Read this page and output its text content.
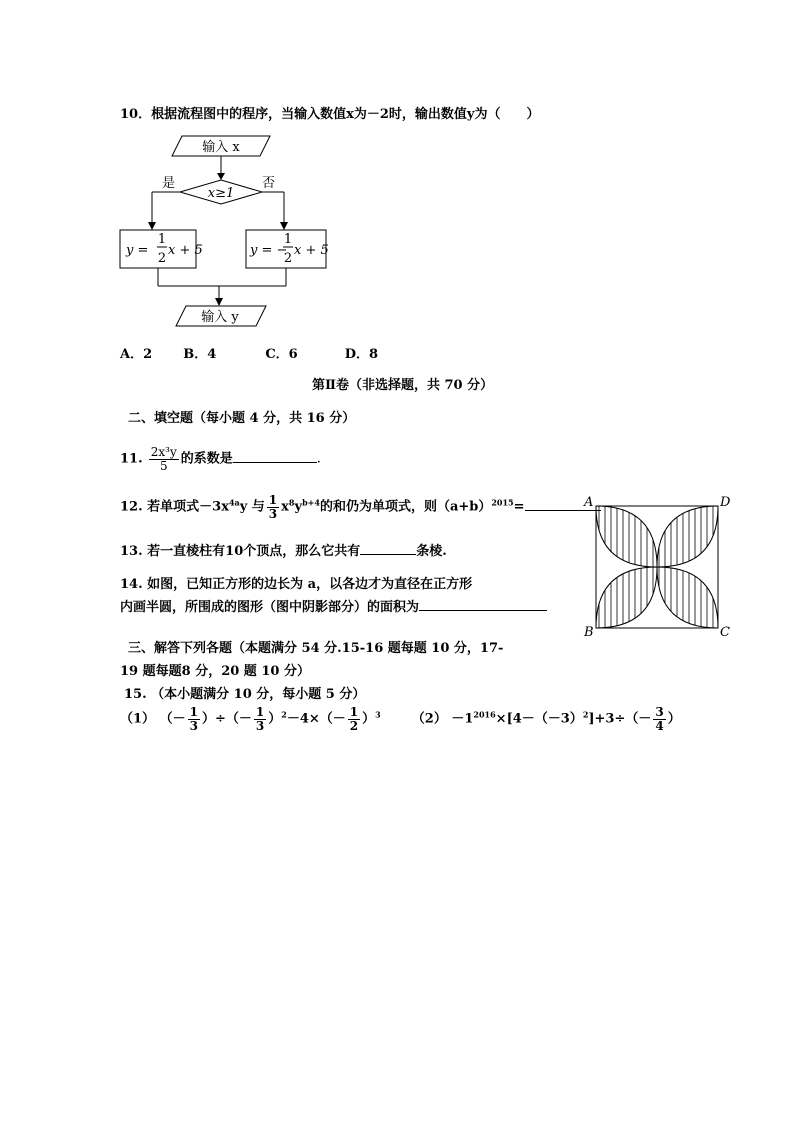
10．根据流程图中的程序，当输入数值x为－2时，输出数值y为（　　）
输入 x
x≥1
是	否
y =
1
2
x + 5	y = −
1
2
x + 5
输入 y
A．2 B．4	C．6	D．8
第Ⅱ卷（非选择题，共 70 分）
二、填空题（每小题 4 分，共 16 分）
11. $\frac{\text{2x³y}}{5}$ 的系数是	.
12. 若单项式$-3x^{4a}y$ 与 $\frac{1}{3} x^8y^{b+4}$的和仍为单项式，则$(a+b)^{2015}=$
13. 若一直棱柱有10个顶点，那么它共有	条棱.
14. 如图，已知正方形的边长为 a，以各边才为直径在正方形
内画半圆，所围成的图形（图中阴影部分）的面积为
A	D
B	C
三、解答下列各题（本题满分 54 分.15-16 题每题 10 分，17-
19 题每题8 分，20 题 10 分）
15. （本小题满分 10 分，每小题 5 分）
（1） （－ $\frac{1}{3}$ ）÷（－ $\frac{1}{3} )^2-4\times(- \frac{1}{2} )^3$ $(2) -1^{2016}\times[4-(-3)^2]+3\div(- \frac{3}{4}$ ）
